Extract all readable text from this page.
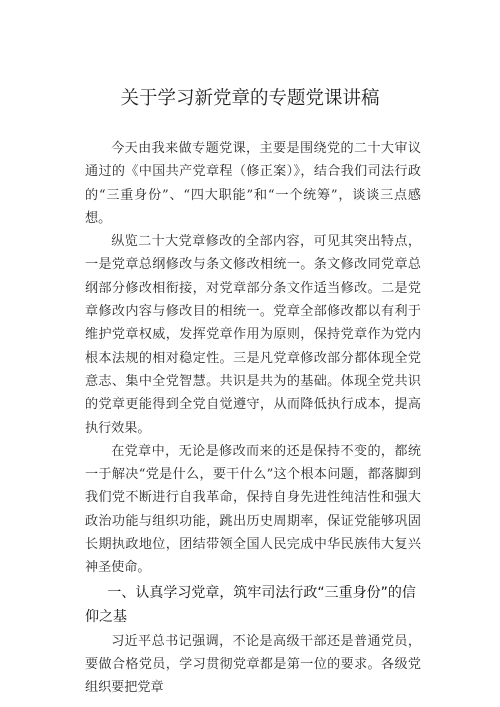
关于学习新党章的专题党课讲稿

今天由我来做专题党课，主要是围绕党的二十大审议通过的《中国共产党章程（修正案）》，结合我们司法行政的“三重身份”、“四大职能”和“一个统筹”，谈谈三点感想。

纵览二十大党章修改的全部内容，可见其突出特点，一是党章总纲修改与条文修改相统一。条文修改同党章总纲部分修改相衔接，对党章部分条文作适当修改。二是党章修改内容与修改目的相统一。党章全部修改都以有利于维护党章权威，发挥党章作用为原则，保持党章作为党内根本法规的相对稳定性。三是凡党章修改部分都体现全党意志、集中全党智慧。共识是共为的基础。体现全党共识的党章更能得到全党自觉遵守，从而降低执行成本，提高执行效果。

在党章中，无论是修改而来的还是保持不变的，都统一于解决“党是什么，要干什么”这个根本问题，都落脚到我们党不断进行自我革命，保持自身先进性纯洁性和强大政治功能与组织功能，跳出历史周期率，保证党能够巩固长期执政地位，团结带领全国人民完成中华民族伟大复兴神圣使命。

一、认真学习党章，筑牢司法行政“三重身份”的信仰之基

习近平总书记强调，不论是高级干部还是普通党员，要做合格党员，学习贯彻党章都是第一位的要求。各级党组织要把党章
